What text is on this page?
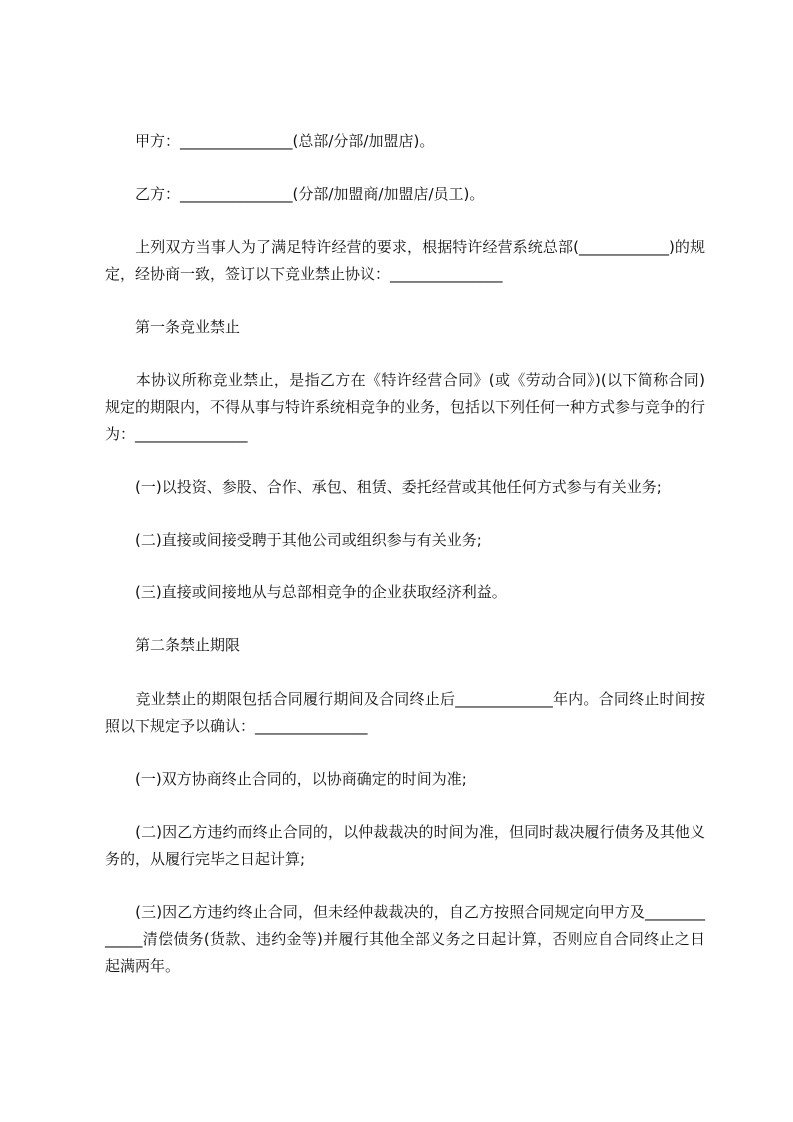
　　甲方：_______________(总部/分部/加盟店)。

　　乙方：_______________(分部/加盟商/加盟店/员工)。

　　上列双方当事人为了满足特许经营的要求，根据特许经营系统总部(____________)的规定，经协商一致，签订以下竞业禁止协议：_______________

　　第一条竞业禁止

　　本协议所称竞业禁止，是指乙方在《特许经营合同》(或《劳动合同》)(以下简称合同)规定的期限内，不得从事与特许系统相竞争的业务，包括以下列任何一种方式参与竞争的行为：_______________

　　(一)以投资、参股、合作、承包、租赁、委托经营或其他任何方式参与有关业务;

　　(二)直接或间接受聘于其他公司或组织参与有关业务;

　　(三)直接或间接地从与总部相竞争的企业获取经济利益。

　　第二条禁止期限

　　竞业禁止的期限包括合同履行期间及合同终止后_____________年内。合同终止时间按照以下规定予以确认：_______________

　　(一)双方协商终止合同的，以协商确定的时间为准;

　　(二)因乙方违约而终止合同的，以仲裁裁决的时间为准，但同时裁决履行债务及其他义务的，从履行完毕之日起计算;

　　(三)因乙方违约终止合同，但未经仲裁裁决的，自乙方按照合同规定向甲方及_____________清偿债务(货款、违约金等)并履行其他全部义务之日起计算，否则应自合同终止之日起满两年。
